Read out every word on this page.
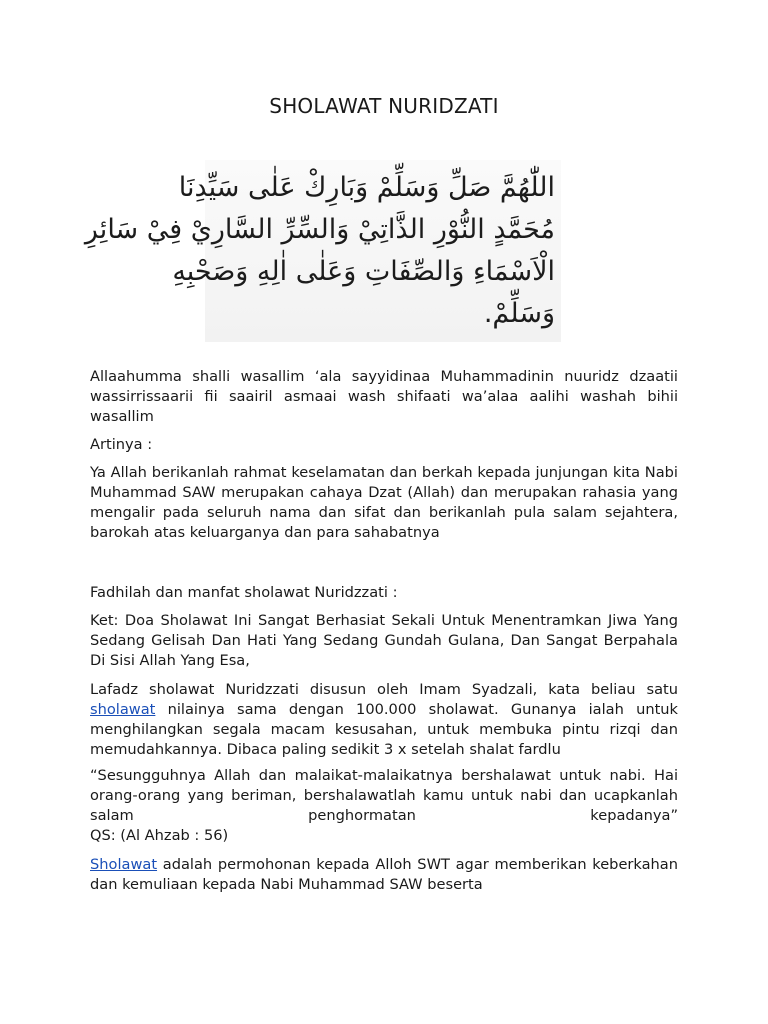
SHOLAWAT NURIDZATI
اللّٰهُمَّ صَلِّ وَسَلِّمْ وَبَارِكْ عَلٰى سَيِّدِنَا
مُحَمَّدٍ النُّوْرِ الذَّاتِيْ وَالسِّرِّ السَّارِيْ فِيْ سَائِرِ
الْاَسْمَاءِ وَالصِّفَاتِ وَعَلٰى اٰلِهِ وَصَحْبِهِ
وَسَلِّمْ.
Allaahumma shalli wasallim ‘ala sayyidinaa Muhammadinin nuuridz dzaatii wassirrissaarii fii saairil asmaai wash shifaati wa’alaa aalihi washah bihii wasallim
Artinya :
Ya Allah berikanlah rahmat keselamatan dan berkah kepada junjungan kita Nabi Muhammad SAW merupakan cahaya Dzat (Allah) dan merupakan rahasia yang mengalir pada seluruh nama dan sifat dan berikanlah pula salam sejahtera, barokah atas keluarganya dan para sahabatnya
Fadhilah dan manfat sholawat Nuridzzati :
Ket: Doa Sholawat Ini Sangat Berhasiat Sekali Untuk Menentramkan Jiwa Yang Sedang Gelisah Dan Hati Yang Sedang Gundah Gulana, Dan Sangat Berpahala Di Sisi Allah Yang Esa,
Lafadz sholawat Nuridzzati disusun oleh Imam Syadzali, kata beliau satu sholawat nilainya sama dengan 100.000 sholawat. Gunanya ialah untuk menghilangkan segala macam kesusahan, untuk membuka pintu rizqi dan memudahkannya. Dibaca paling sedikit 3 x setelah shalat fardlu
“Sesungguhnya Allah dan malaikat-malaikatnya bershalawat untuk nabi. Hai orang-orang yang beriman, bershalawatlah kamu untuk nabi dan ucapkanlah salam penghormatan kepadanya”
QS: (Al Ahzab : 56)
Sholawat adalah permohonan kepada Alloh SWT agar memberikan keberkahan dan kemuliaan kepada Nabi Muhammad SAW beserta
